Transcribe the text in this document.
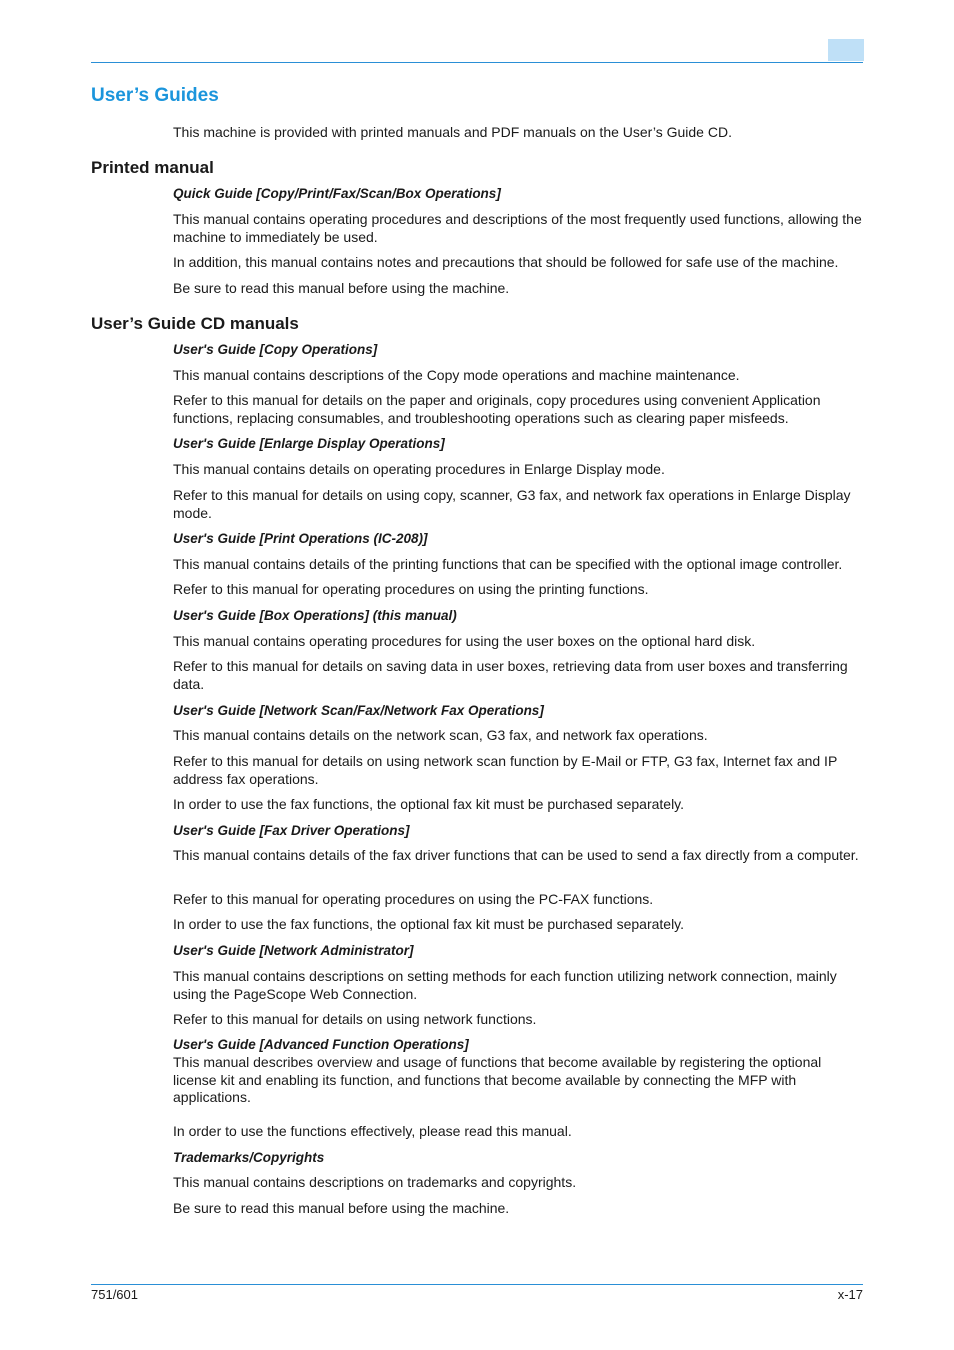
User’s Guides

This machine is provided with printed manuals and PDF manuals on the User’s Guide CD.

Printed manual
Quick Guide [Copy/Print/Fax/Scan/Box Operations]

This manual contains operating procedures and descriptions of the most frequently used functions, allowing the machine to immediately be used.

In addition, this manual contains notes and precautions that should be followed for safe use of the machine.

Be sure to read this manual before using the machine.

User’s Guide CD manuals
User's Guide [Copy Operations]

This manual contains descriptions of the Copy mode operations and machine maintenance.

Refer to this manual for details on the paper and originals, copy procedures using convenient Application functions, replacing consumables, and troubleshooting operations such as clearing paper misfeeds.

User's Guide [Enlarge Display Operations]

This manual contains details on operating procedures in Enlarge Display mode.

Refer to this manual for details on using copy, scanner, G3 fax, and network fax operations in Enlarge Display mode.

User's Guide [Print Operations (IC-208)]

This manual contains details of the printing functions that can be specified with the optional image controller.

Refer to this manual for operating procedures on using the printing functions.

User's Guide [Box Operations] (this manual)

This manual contains operating procedures for using the user boxes on the optional hard disk.

Refer to this manual for details on saving data in user boxes, retrieving data from user boxes and transferring data.

User's Guide [Network Scan/Fax/Network Fax Operations]

This manual contains details on the network scan, G3 fax, and network fax operations.

Refer to this manual for details on using network scan function by E-Mail or FTP, G3 fax, Internet fax and IP address fax operations.

In order to use the fax functions, the optional fax kit must be purchased separately.

User's Guide [Fax Driver Operations]

This manual contains details of the fax driver functions that can be used to send a fax directly from a computer.

Refer to this manual for operating procedures on using the PC-FAX functions.

In order to use the fax functions, the optional fax kit must be purchased separately.

User's Guide [Network Administrator]

This manual contains descriptions on setting methods for each function utilizing network connection, mainly using the PageScope Web Connection.

Refer to this manual for details on using network functions.

User's Guide [Advanced Function Operations]

This manual describes overview and usage of functions that become available by registering the optional license kit and enabling its function, and functions that become available by connecting the MFP with applications.

In order to use the functions effectively, please read this manual.

Trademarks/Copyrights

This manual contains descriptions on trademarks and copyrights.

Be sure to read this manual before using the machine.

751/601	x-17
